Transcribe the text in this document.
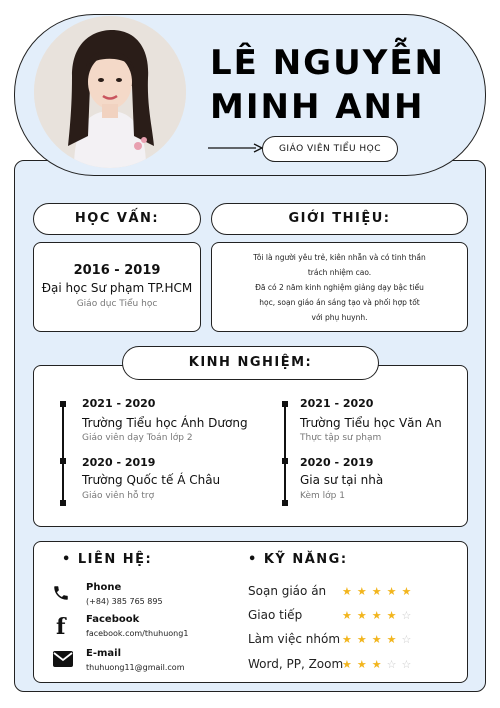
LÊ NGUYỄN
MINH ANH
GIÁO VIÊN TIỂU HỌC
HỌC VẤN:
2016 - 2019
Đại học Sư phạm TP.HCM
Giáo dục Tiểu học
GIỚI THIỆU:
Tôi là người yêu trẻ, kiên nhẫn và có tinh thần
trách nhiệm cao.
Đã có 2 năm kinh nghiệm giảng dạy bậc tiểu
học, soạn giáo án sáng tạo và phối hợp tốt
với phụ huynh.
KINH NGHIỆM:
2021 - 2020
Trường Tiểu học Ánh Dương
Giáo viên dạy Toán lớp 2
2020 - 2019
Trường Quốc tế Á Châu
Giáo viên hỗ trợ
2021 - 2020
Trường Tiểu học Văn An
Thực tập sư phạm
2020 - 2019
Gia sư tại nhà
Kèm lớp 1
• LIÊN HỆ:
Phone
(+84) 385 765 895
f Facebook
facebook.com/thuhuong1
E-mail
thuhuong11@gmail.com
• KỸ NĂNG:
Soạn giáo án ★★★★★
Giao tiếp	★★★★☆
Làm việc nhóm ★★★★☆
Word, PP, Zoom
★★★☆☆
